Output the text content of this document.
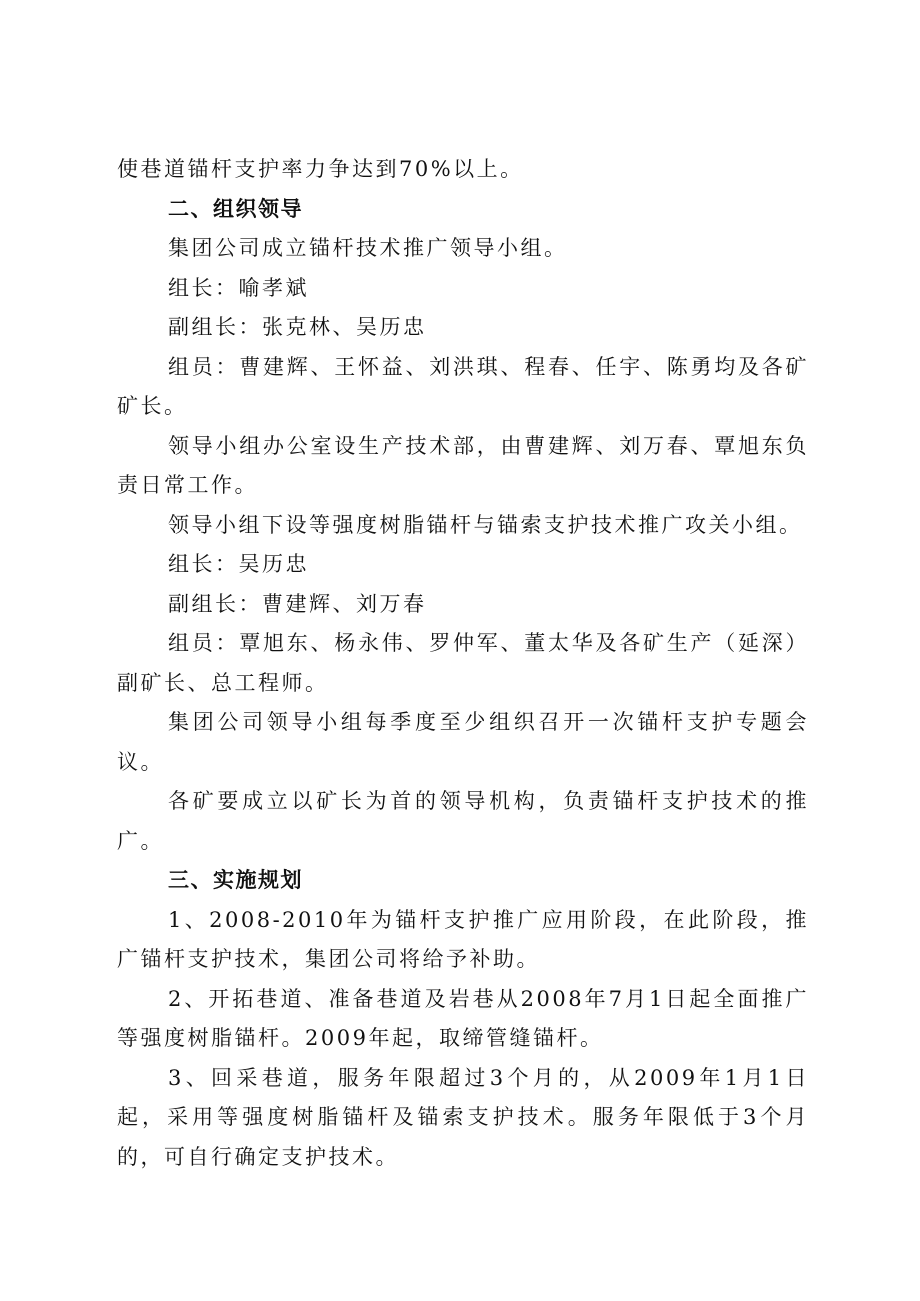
使巷道锚杆支护率力争达到70%以上。

二、组织领导

集团公司成立锚杆技术推广领导小组。

组长：喻孝斌

副组长：张克林、吴历忠

组员：曹建辉、王怀益、刘洪琪、程春、任宇、陈勇均及各矿矿长。

领导小组办公室设生产技术部，由曹建辉、刘万春、覃旭东负责日常工作。

领导小组下设等强度树脂锚杆与锚索支护技术推广攻关小组。

组长：吴历忠

副组长：曹建辉、刘万春

组员：覃旭东、杨永伟、罗仲军、董太华及各矿生产（延深）副矿长、总工程师。

集团公司领导小组每季度至少组织召开一次锚杆支护专题会议。

各矿要成立以矿长为首的领导机构，负责锚杆支护技术的推广。

三、实施规划

1、2008-2010年为锚杆支护推广应用阶段，在此阶段，推广锚杆支护技术，集团公司将给予补助。

2、开拓巷道、准备巷道及岩巷从2008年7月1日起全面推广等强度树脂锚杆。2009年起，取缔管缝锚杆。

3、回采巷道，服务年限超过3个月的，从2009年1月1日起，采用等强度树脂锚杆及锚索支护技术。服务年限低于3个月的，可自行确定支护技术。
